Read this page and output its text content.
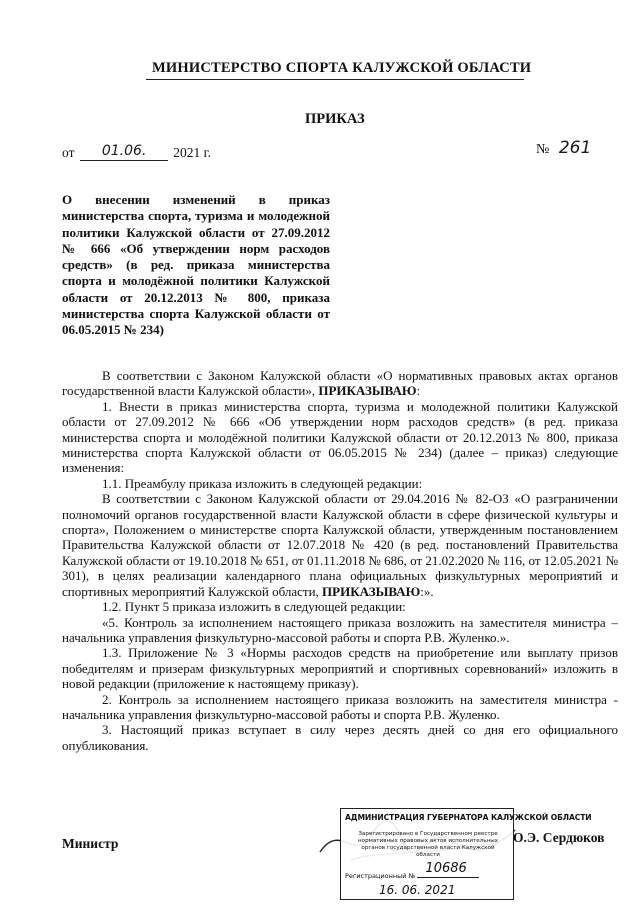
МИНИСТЕРСТВО СПОРТА КАЛУЖСКОЙ ОБЛАСТИ
ПРИКАЗ
от 01.06. 2021 г.	№ 261
О внесении изменений в приказ министерства спорта, туризма и молодежной политики Калужской области от 27.09.2012 № 666 «Об утверждении норм расходов средств» (в ред. приказа министерства спорта и молодёжной политики Калужской области от 20.12.2013 № 800, приказа министерства спорта Калужской области от 06.05.2015 № 234)

В соответствии с Законом Калужской области «О нормативных правовых актах органов государственной власти Калужской области», ПРИКАЗЫВАЮ:

1. Внести в приказ министерства спорта, туризма и молодежной политики Калужской области от 27.09.2012 № 666 «Об утверждении норм расходов средств» (в ред. приказа министерства спорта и молодёжной политики Калужской области от 20.12.2013 № 800, приказа министерства спорта Калужской области от 06.05.2015 № 234) (далее – приказ) следующие изменения:

1.1. Преамбулу приказа изложить в следующей редакции:

В соответствии с Законом Калужской области от 29.04.2016 № 82-ОЗ «О разграничении полномочий органов государственной власти Калужской области в сфере физической культуры и спорта», Положением о министерстве спорта Калужской области, утвержденным постановлением Правительства Калужской области от 12.07.2018 № 420 (в ред. постановлений Правительства Калужской области от 19.10.2018 № 651, от 01.11.2018 № 686, от 21.02.2020 № 116, от 12.05.2021 № 301), в целях реализации календарного плана официальных физкультурных мероприятий и спортивных мероприятий Калужской области, ПРИКАЗЫВАЮ:».

1.2. Пункт 5 приказа изложить в следующей редакции:

«5. Контроль за исполнением настоящего приказа возложить на заместителя министра – начальника управления физкультурно-массовой работы и спорта Р.В. Жуленко.».

1.3. Приложение № 3 «Нормы расходов средств на приобретение или выплату призов победителям и призерам физкультурных мероприятий и спортивных соревнований» изложить в новой редакции (приложение к настоящему приказу).

2. Контроль за исполнением настоящего приказа возложить на заместителя министра - начальника управления физкультурно-массовой работы и спорта Р.В. Жуленко.

3. Настоящий приказ вступает в силу через десять дней со дня его официального опубликования.

Министр
АДМИНИСТРАЦИЯ ГУБЕРНАТОРА КАЛУЖСКОЙ ОБЛАСТИ
Зарегистрировано в Государственном реестре нормативных правовых актов исполнительных органов государственной власти Калужской области
Регистрационный № 10686
16. 06. 2021
О.Э. Сердюков
